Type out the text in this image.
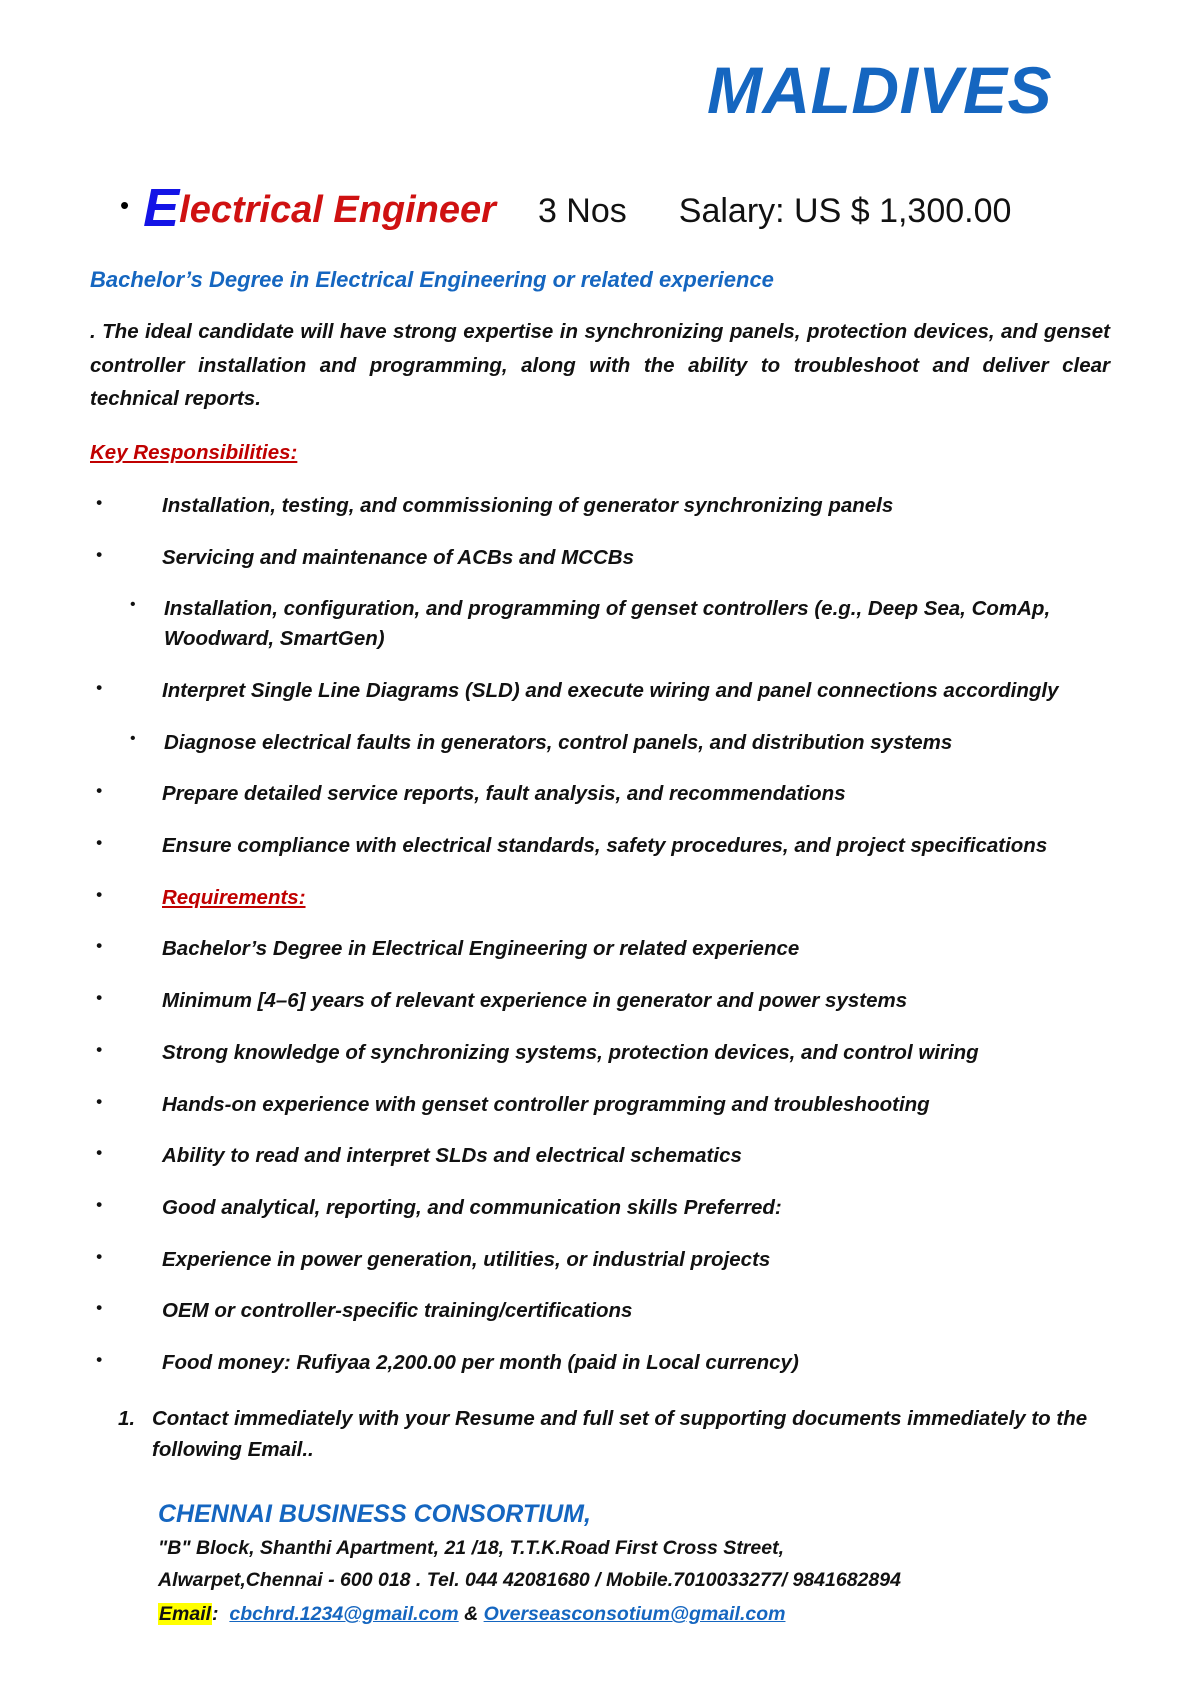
MALDIVES
• E lectrical Engineer 3 Nos Salary: US $ 1,300.00
Bachelor’s Degree in Electrical Engineering or related experience
. The ideal candidate will have strong expertise in synchronizing panels, protection devices, and genset controller installation and programming, along with the ability to troubleshoot and deliver clear technical reports.
Key Responsibilities:
•	Installation, testing, and commissioning of generator synchronizing panels
•	Servicing and maintenance of ACBs and MCCBs
•	Installation, configuration, and programming of genset controllers (e.g., Deep Sea, ComAp, Woodward, SmartGen)
•	Interpret Single Line Diagrams (SLD) and execute wiring and panel connections accordingly
•	Diagnose electrical faults in generators, control panels, and distribution systems
•	Prepare detailed service reports, fault analysis, and recommendations
•	Ensure compliance with electrical standards, safety procedures, and project specifications
•	Requirements:
•	Bachelor’s Degree in Electrical Engineering or related experience
•	Minimum [4–6] years of relevant experience in generator and power systems
•	Strong knowledge of synchronizing systems, protection devices, and control wiring
•	Hands-on experience with genset controller programming and troubleshooting
•	Ability to read and interpret SLDs and electrical schematics
•	Good analytical, reporting, and communication skills Preferred:
•	Experience in power generation, utilities, or industrial projects
•	OEM or controller-specific training/certifications
•	Food money: Rufiyaa 2,200.00 per month (paid in Local currency)
1. Contact immediately with your Resume and full set of supporting documents immediately to the following Email..
CHENNAI BUSINESS CONSORTIUM,
"B" Block, Shanthi Apartment, 21 /18, T.T.K.Road First Cross Street,
Alwarpet,Chennai - 600 018 . Tel. 044 42081680 / Mobile.7010033277/ 9841682894
Email: cbchrd.1234@gmail.com & Overseasconsotium@gmail.com
